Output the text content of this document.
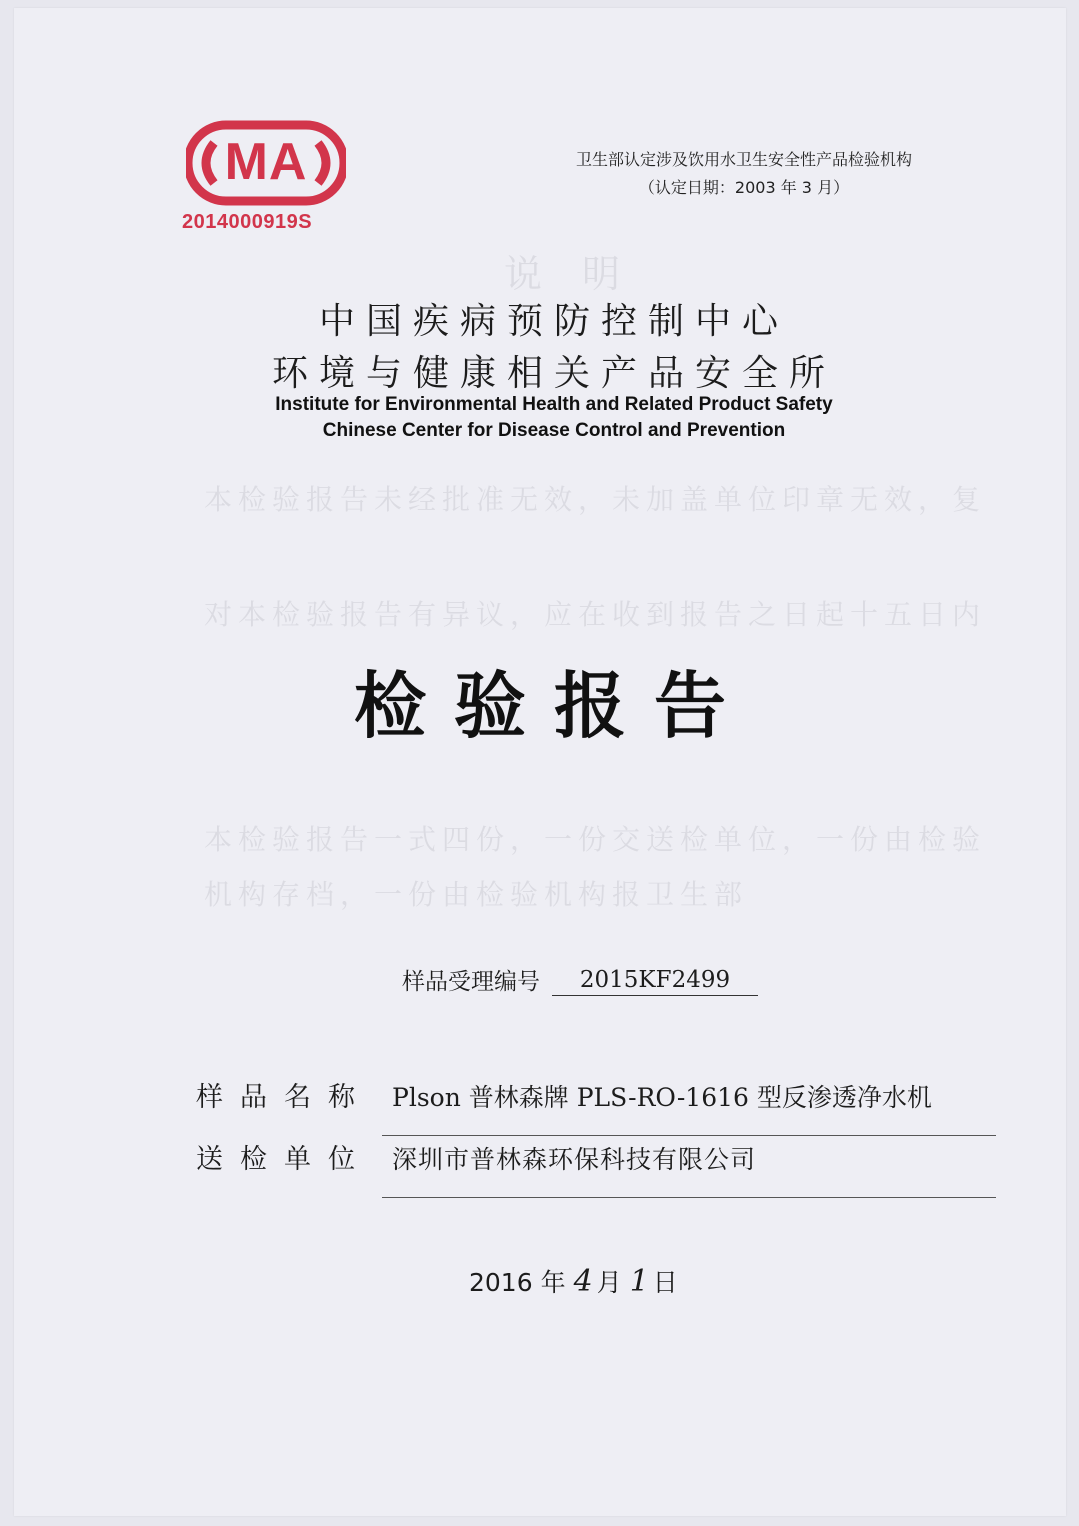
说明
本检验报告未经批准无效，未加盖单位印章无效，复
对本检验报告有异议，应在收到报告之日起十五日内
本检验报告一式四份，一份交送检单位，一份由检验
机构存档，一份由检验机构报卫生部
MA
2014000919S
卫生部认定涉及饮用水卫生安全性产品检验机构
（认定日期：2003 年 3 月）
中国疾病预防控制中心
环境与健康相关产品安全所
Institute for Environmental Health and Related Product Safety
Chinese Center for Disease Control and Prevention
检验报告
样品受理编号 2015KF2499
样品名称 Plson 普林森牌 PLS-RO-1616 型反渗透净水机
送检单位 深圳市普林森环保科技有限公司
2016 年 4 月 1 日
